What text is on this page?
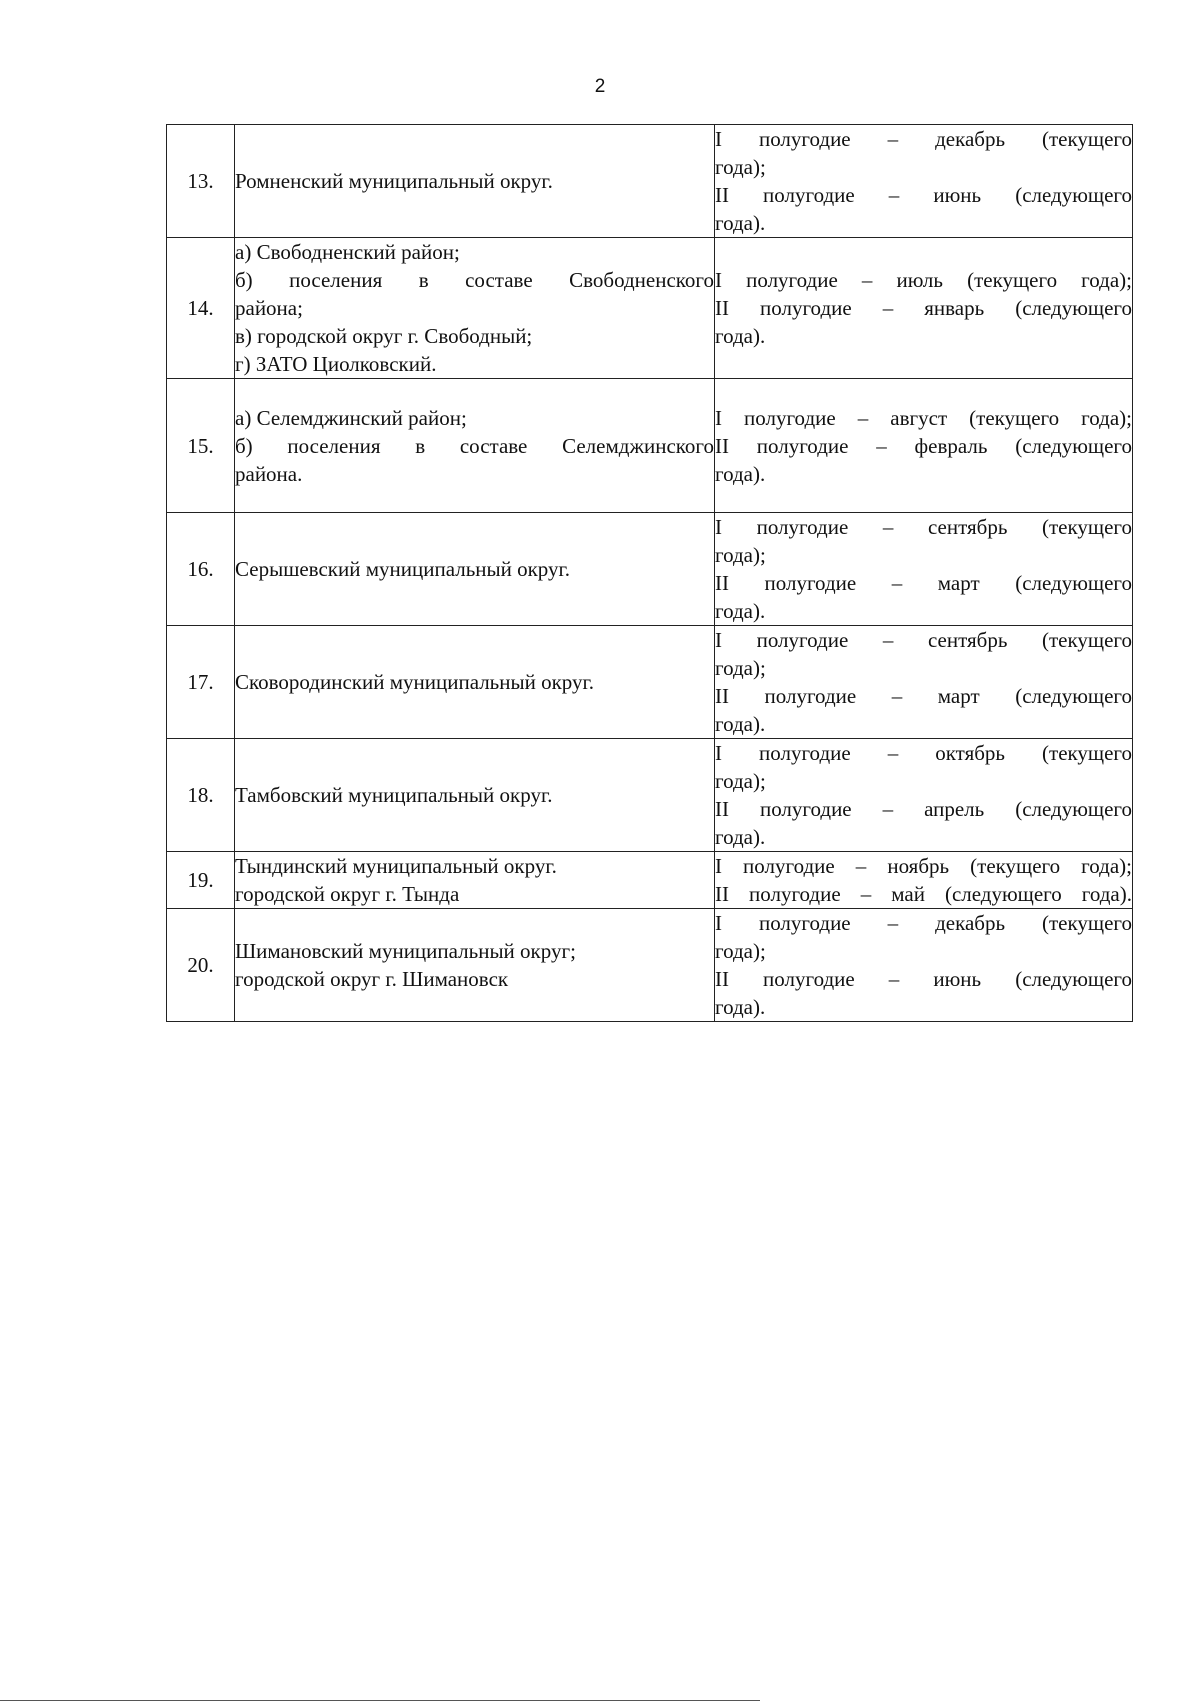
2
13.	Ромненский муниципальный округ.	I полугодие – декабрь (текущего
года);
II полугодие – июнь (следующего
года).

14.	а) Свободненский район;
б) поселения в составе Свободненского
района;
в) городской округ г. Свободный;
г) ЗАТО Циолковский.	I полугодие – июль (текущего года);
II полугодие – январь (следующего
года).

15.	а) Селемджинский район;
б) поселения в составе Селемджинского
района.	I полугодие – август (текущего года);
II полугодие – февраль (следующего
года).

16.	Серышевский муниципальный округ.	I полугодие – сентябрь (текущего
года);
II полугодие – март (следующего
года).

17.	Сковородинский муниципальный округ.	I полугодие – сентябрь (текущего
года);
II полугодие – март (следующего
года).

18.	Тамбовский муниципальный округ.	I полугодие – октябрь (текущего
года);
II полугодие – апрель (следующего
года).

19.	Тындинский муниципальный округ.
городской округ г. Тында	I полугодие – ноябрь (текущего года);
II полугодие – май (следующего года).

20.	Шимановский муниципальный округ;
городской округ г. Шимановск	I полугодие – декабрь (текущего
года);
II полугодие – июнь (следующего
года).
